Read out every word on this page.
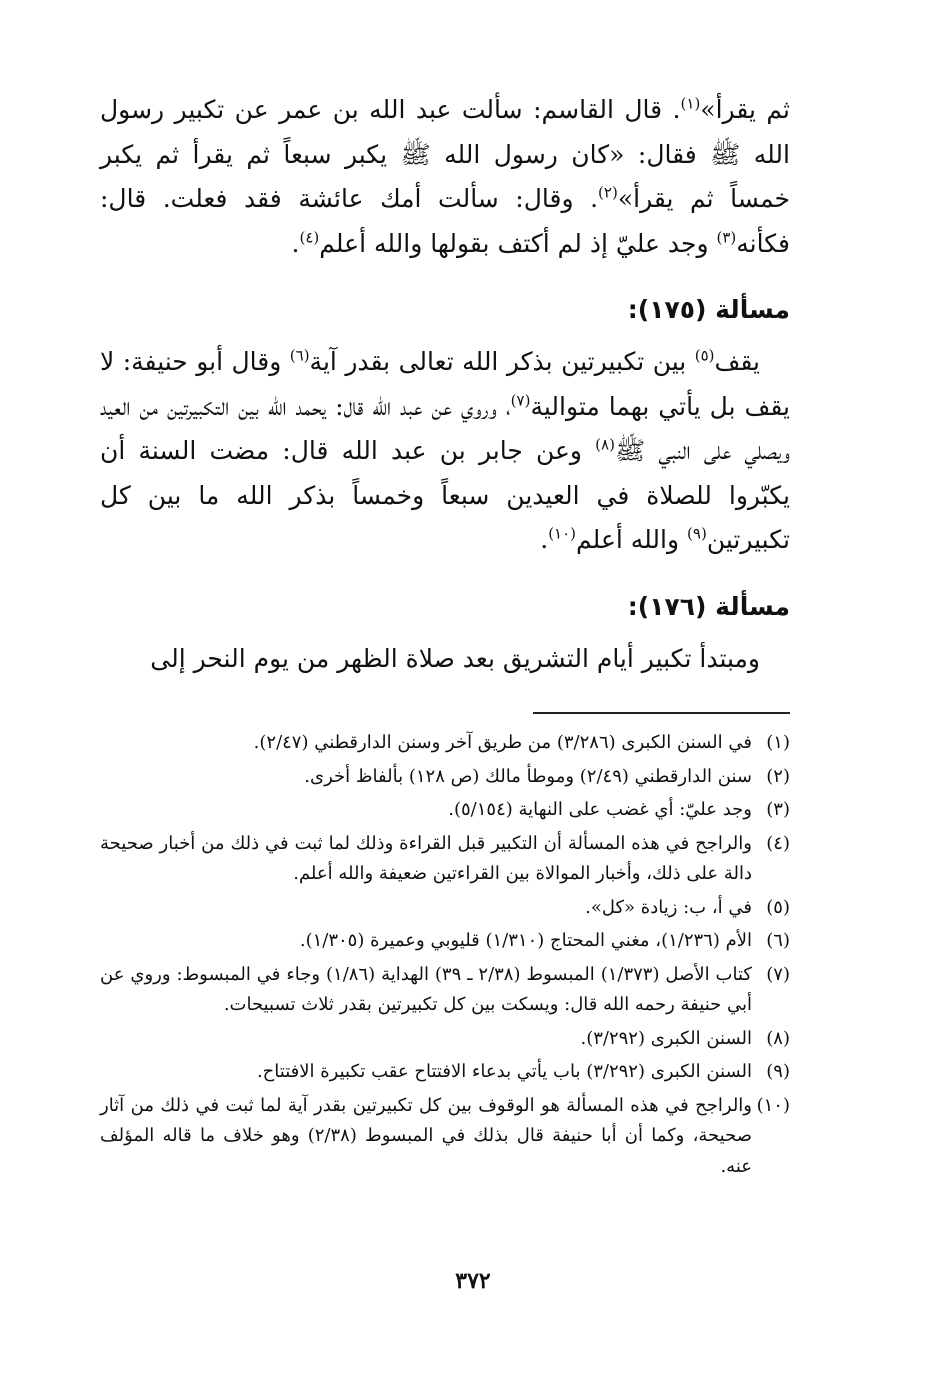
ثم يقرأ»$^{(١)}$. قال القاسم: سألت عبد الله بن عمر عن تكبير رسول الله ﷺ فقال: «كان رسول الله ﷺ يكبر سبعاً ثم يقرأ ثم يكبر خمساً ثم يقرأ»$^{(٢)}$. وقال: سألت أمك عائشة فقد فعلت. قال: فكأنه$^{(٣)}$ وجد عليّ إذ لم أكتف بقولها والله أعلم$^{(٤)}$.

مسألة (١٧٥):

يقف$^{(٥)}$ بين تكبيرتين بذكر الله تعالى بقدر آية$^{(٦)}$ وقال أبو حنيفة: لا يقف بل يأتي بهما متوالية$^{(٧)}$، وروي عن عبد الله قال: يحمد الله بين التكبيرتين من العيد ويصلي على النبي ﷺ$^{(٨)}$ وعن جابر بن عبد الله قال: مضت السنة أن يكبّروا للصلاة في العيدين سبعاً وخمساً بذكر الله ما بين كل تكبيرتين$^{(٩)}$ والله أعلم$^{(١٠)}$.

مسألة (١٧٦):

ومبتدأ تكبير أيام التشريق بعد صلاة الظهر من يوم النحر إلى

(١)
في السنن الكبرى (٣/٢٨٦) من طريق آخر وسنن الدارقطني (٢/٤٧).
(٢)
سنن الدارقطني (٢/٤٩) وموطأ مالك (ص ١٢٨) بألفاظ أخرى.
(٣)
وجد عليّ: أي غضب على النهاية (٥/١٥٤).
(٤)
والراجح في هذه المسألة أن التكبير قبل القراءة وذلك لما ثبت في ذلك من أخبار صحيحة دالة على ذلك، وأخبار الموالاة بين القراءتين ضعيفة والله أعلم.
(٥)
في أ، ب: زيادة «كل».
(٦)
الأم (١/٢٣٦)، مغني المحتاج (١/٣١٠) قليوبي وعميرة (١/٣٠٥).
(٧)
كتاب الأصل (١/٣٧٣) المبسوط (٢/٣٨ ـ ٣٩) الهداية (١/٨٦) وجاء في المبسوط: وروي عن أبي حنيفة رحمه الله قال: ويسكت بين كل تكبيرتين بقدر ثلاث تسبيحات.
(٨)
السنن الكبرى (٣/٢٩٢).
(٩)
السنن الكبرى (٣/٢٩٢) باب يأتي بدعاء الافتتاح عقب تكبيرة الافتتاح.
(١٠)
والراجح في هذه المسألة هو الوقوف بين كل تكبيرتين بقدر آية لما ثبت في ذلك من آثار صحيحة، وكما أن أبا حنيفة قال بذلك في المبسوط (٢/٣٨) وهو خلاف ما قاله المؤلف عنه.
٣٧٢
